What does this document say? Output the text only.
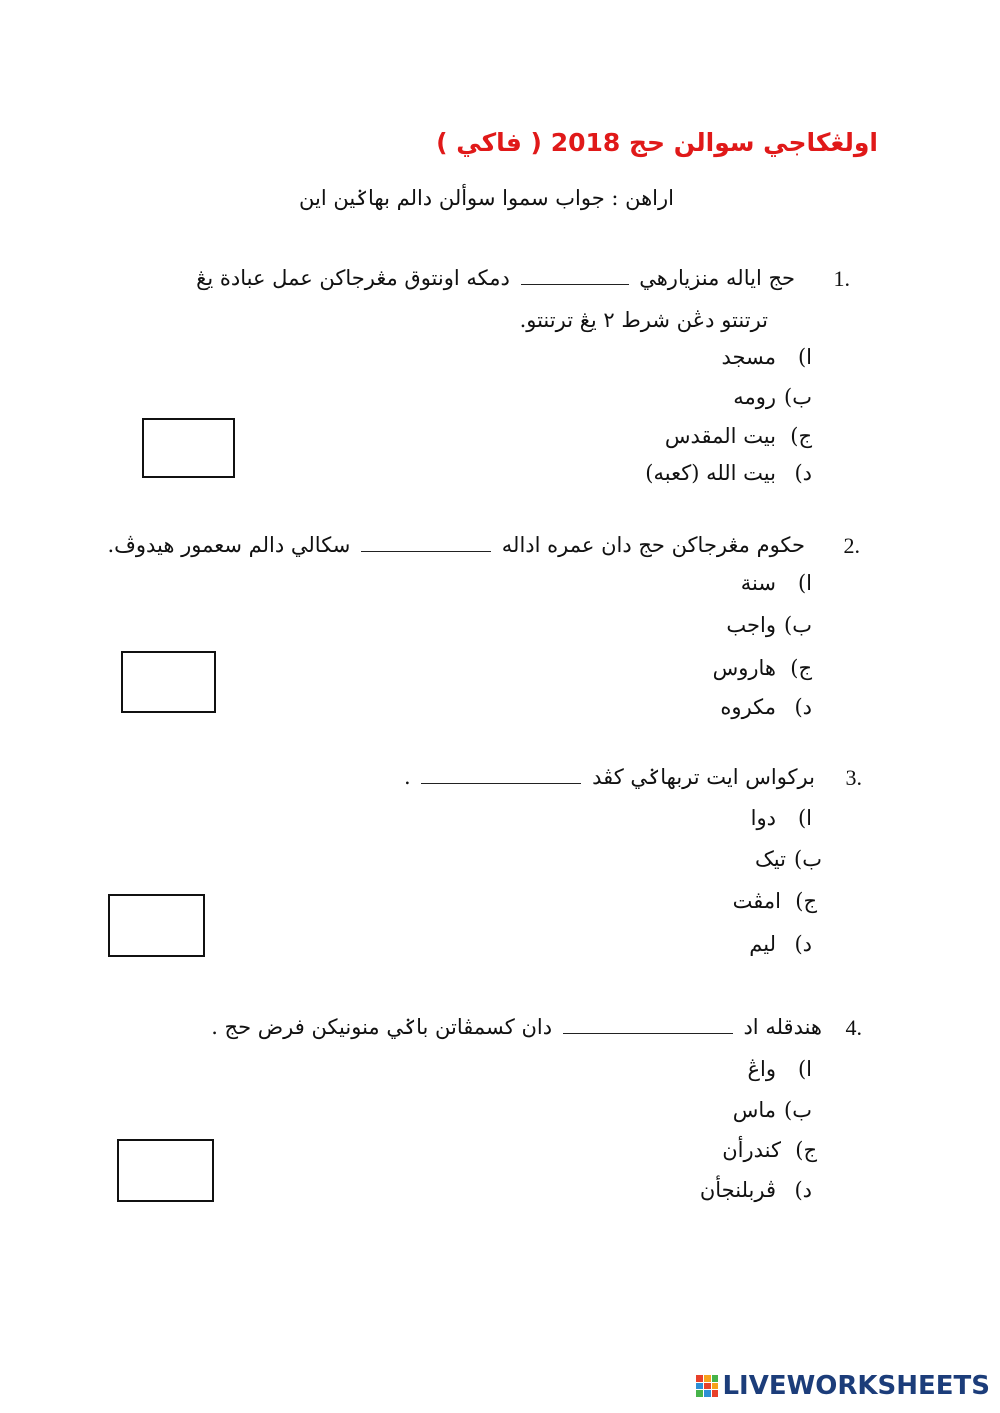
اولڠكاجي سوالن حج 2018 ( فاكي )
اراهن : جواب سموا سوألن دالم بهاݢين اين
1.
حج اياله منزيارهي  دمكه اونتوق مڠرجاكن عمل عبادة يڠ
ترتنتو دڠن شرط ٢ يڠ ترتنتو.
ا)مسجد
ب)رومه
ج)بيت المقدس
د)بيت الله (كعبه)
2.
حكوم مڠرجاكن حج دان عمره اداله  سكالي دالم سعمور هيدوڤ.
ا)سنة
ب)واجب
ج)هاروس
د)مكروه
3.
برکواس ايت تربهاݢي كڤد  .
ا)دوا
ب)تيک
ج)امڤت
د)ليم
4.
هندقله اد  دان كسمڤاتن باݢي منونيكن فرض حج .
ا)واڠ
ب)ماس
ج)كندرأن
د)ڤربلنجأن
LIVEWORKSHEETS
